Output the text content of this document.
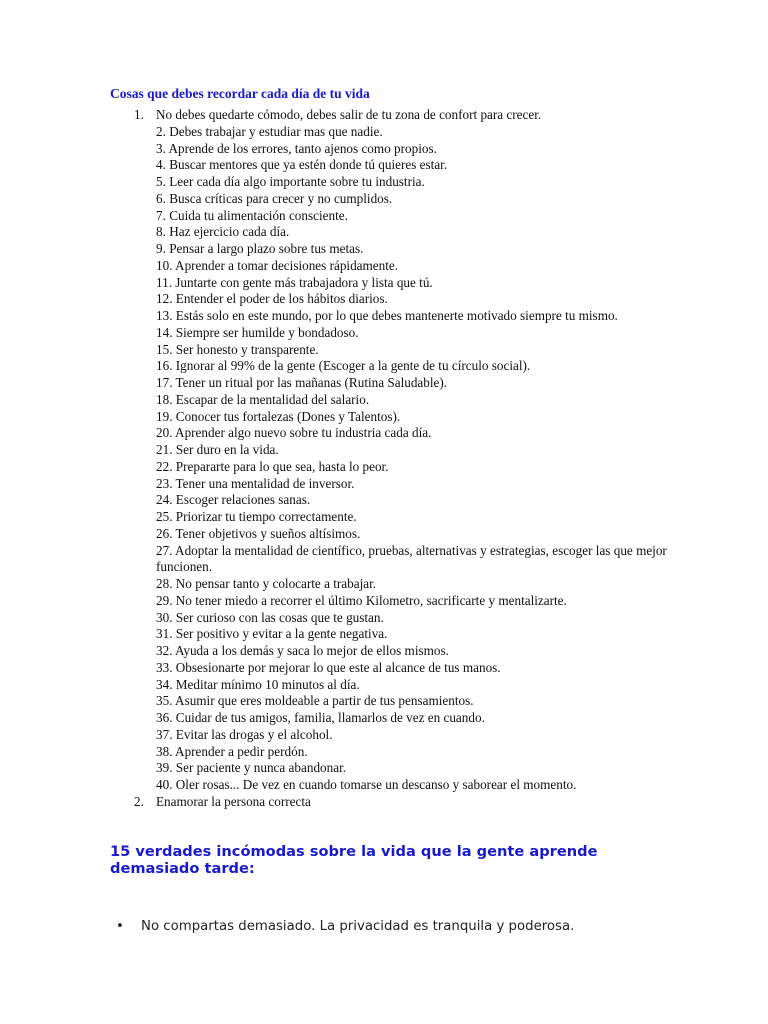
Cosas que debes recordar cada día de tu vida
1. No debes quedarte cómodo, debes salir de tu zona de confort para crecer.
2. Debes trabajar y estudiar mas que nadie.
3. Aprende de los errores, tanto ajenos como propios.
4. Buscar mentores que ya estén donde tú quieres estar.
5. Leer cada día algo importante sobre tu industria.
6. Busca críticas para crecer y no cumplidos.
7. Cuida tu alimentación consciente.
8. Haz ejercicio cada día.
9. Pensar a largo plazo sobre tus metas.
10. Aprender a tomar decisiones rápidamente.
11. Juntarte con gente más trabajadora y lista que tú.
12. Entender el poder de los hábitos diarios.
13. Estás solo en este mundo, por lo que debes mantenerte motivado siempre tu mismo.
14. Siempre ser humilde y bondadoso.
15. Ser honesto y transparente.
16. Ignorar al 99% de la gente (Escoger a la gente de tu círculo social).
17. Tener un ritual por las mañanas (Rutina Saludable).
18. Escapar de la mentalidad del salario.
19. Conocer tus fortalezas (Dones y Talentos).
20. Aprender algo nuevo sobre tu industria cada día.
21. Ser duro en la vida.
22. Prepararte para lo que sea, hasta lo peor.
23. Tener una mentalidad de inversor.
24. Escoger relaciones sanas.
25. Priorizar tu tiempo correctamente.
26. Tener objetivos y sueños altísimos.
27. Adoptar la mentalidad de científico, pruebas, alternativas y estrategias, escoger las que mejor funcionen.
28. No pensar tanto y colocarte a trabajar.
29. No tener miedo a recorrer el último Kilometro, sacrificarte y mentalizarte.
30. Ser curioso con las cosas que te gustan.
31. Ser positivo y evitar a la gente negativa.
32. Ayuda a los demás y saca lo mejor de ellos mismos.
33. Obsesionarte por mejorar lo que este al alcance de tus manos.
34. Meditar mínimo 10 minutos al día.
35. Asumir que eres moldeable a partir de tus pensamientos.
36. Cuidar de tus amigos, familia, llamarlos de vez en cuando.
37. Evitar las drogas y el alcohol.
38. Aprender a pedir perdón.
39. Ser paciente y nunca abandonar.
40. Oler rosas... De vez en cuando tomarse un descanso y saborear el momento.
2. Enamorar la persona correcta
15 verdades incómodas sobre la vida que la gente aprende demasiado tarde:
•	No compartas demasiado. La privacidad es tranquila y poderosa.
